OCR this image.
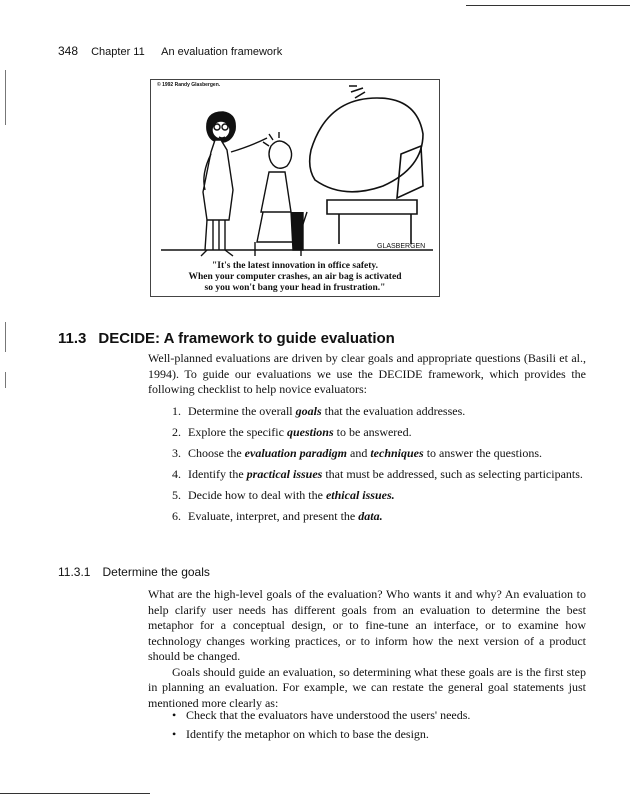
348 Chapter 11 An evaluation framework
© 1992 Randy Glasbergen.
GLASBERGEN
"It's the latest innovation in office safety.
When your computer crashes, an air bag is activated
so you won't bang your head in frustration."
11.3 DECIDE: A framework to guide evaluation

Well-planned evaluations are driven by clear goals and appropriate questions (Basili et al., 1994). To guide our evaluations we use the DECIDE framework, which provides the following checklist to help novice evaluators:

1. Determine the overall goals that the evaluation addresses.
2. Explore the specific questions to be answered.
3. Choose the evaluation paradigm and techniques to answer the questions.
4. Identify the practical issues that must be addressed, such as selecting participants.
5. Decide how to deal with the ethical issues.
6. Evaluate, interpret, and present the data.
11.3.1 Determine the goals

What are the high-level goals of the evaluation? Who wants it and why? An evaluation to help clarify user needs has different goals from an evaluation to determine the best metaphor for a conceptual design, or to fine-tune an interface, or to examine how technology changes working practices, or to inform how the next version of a product should be changed.

Goals should guide an evaluation, so determining what these goals are is the first step in planning an evaluation. For example, we can restate the general goal statements just mentioned more clearly as:

• Check that the evaluators have understood the users' needs.
• Identify the metaphor on which to base the design.
